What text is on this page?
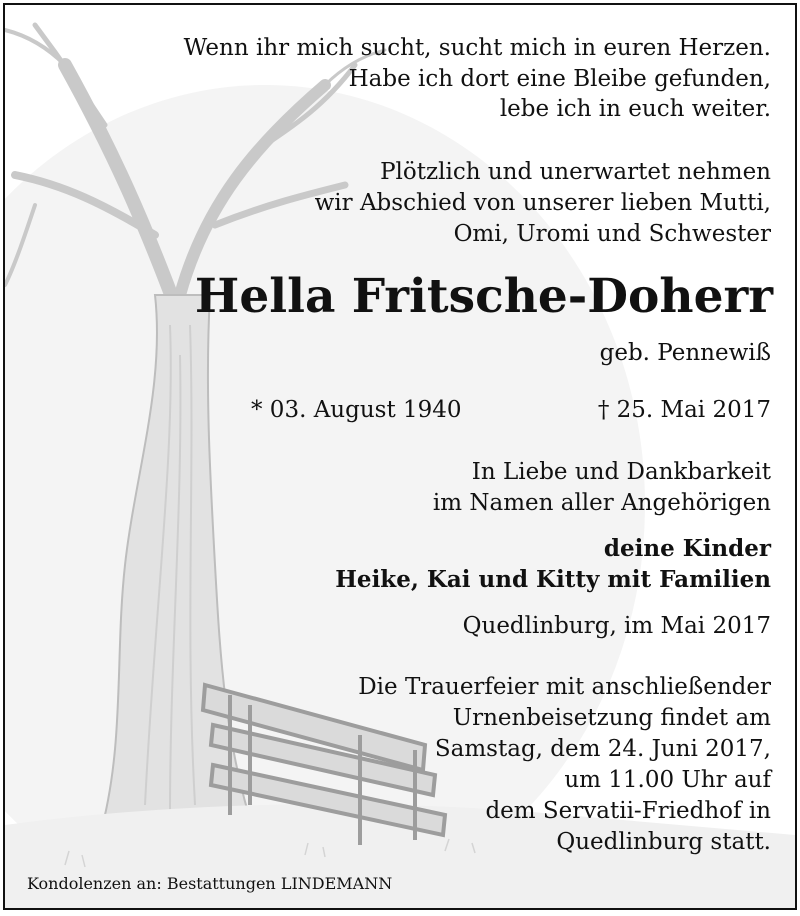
Wenn ihr mich sucht, sucht mich in euren Herzen.
Habe ich dort eine Bleibe gefunden,
lebe ich in euch weiter.
Plötzlich und unerwartet nehmen
wir Abschied von unserer lieben Mutti,
Omi, Uromi und Schwester
Hella Fritsche-Doherr
geb. Pennewiß
* 03. August 1940	† 25. Mai 2017
In Liebe und Dankbarkeit
im Namen aller Angehörigen
deine Kinder
Heike, Kai und Kitty mit Familien
Quedlinburg, im Mai 2017
Die Trauerfeier mit anschließender
Urnenbeisetzung findet am
Samstag, dem 24. Juni 2017,
um 11.00 Uhr auf
dem Servatii-Friedhof in
Quedlinburg statt.
Kondolenzen an: Bestattungen LINDEMANN
